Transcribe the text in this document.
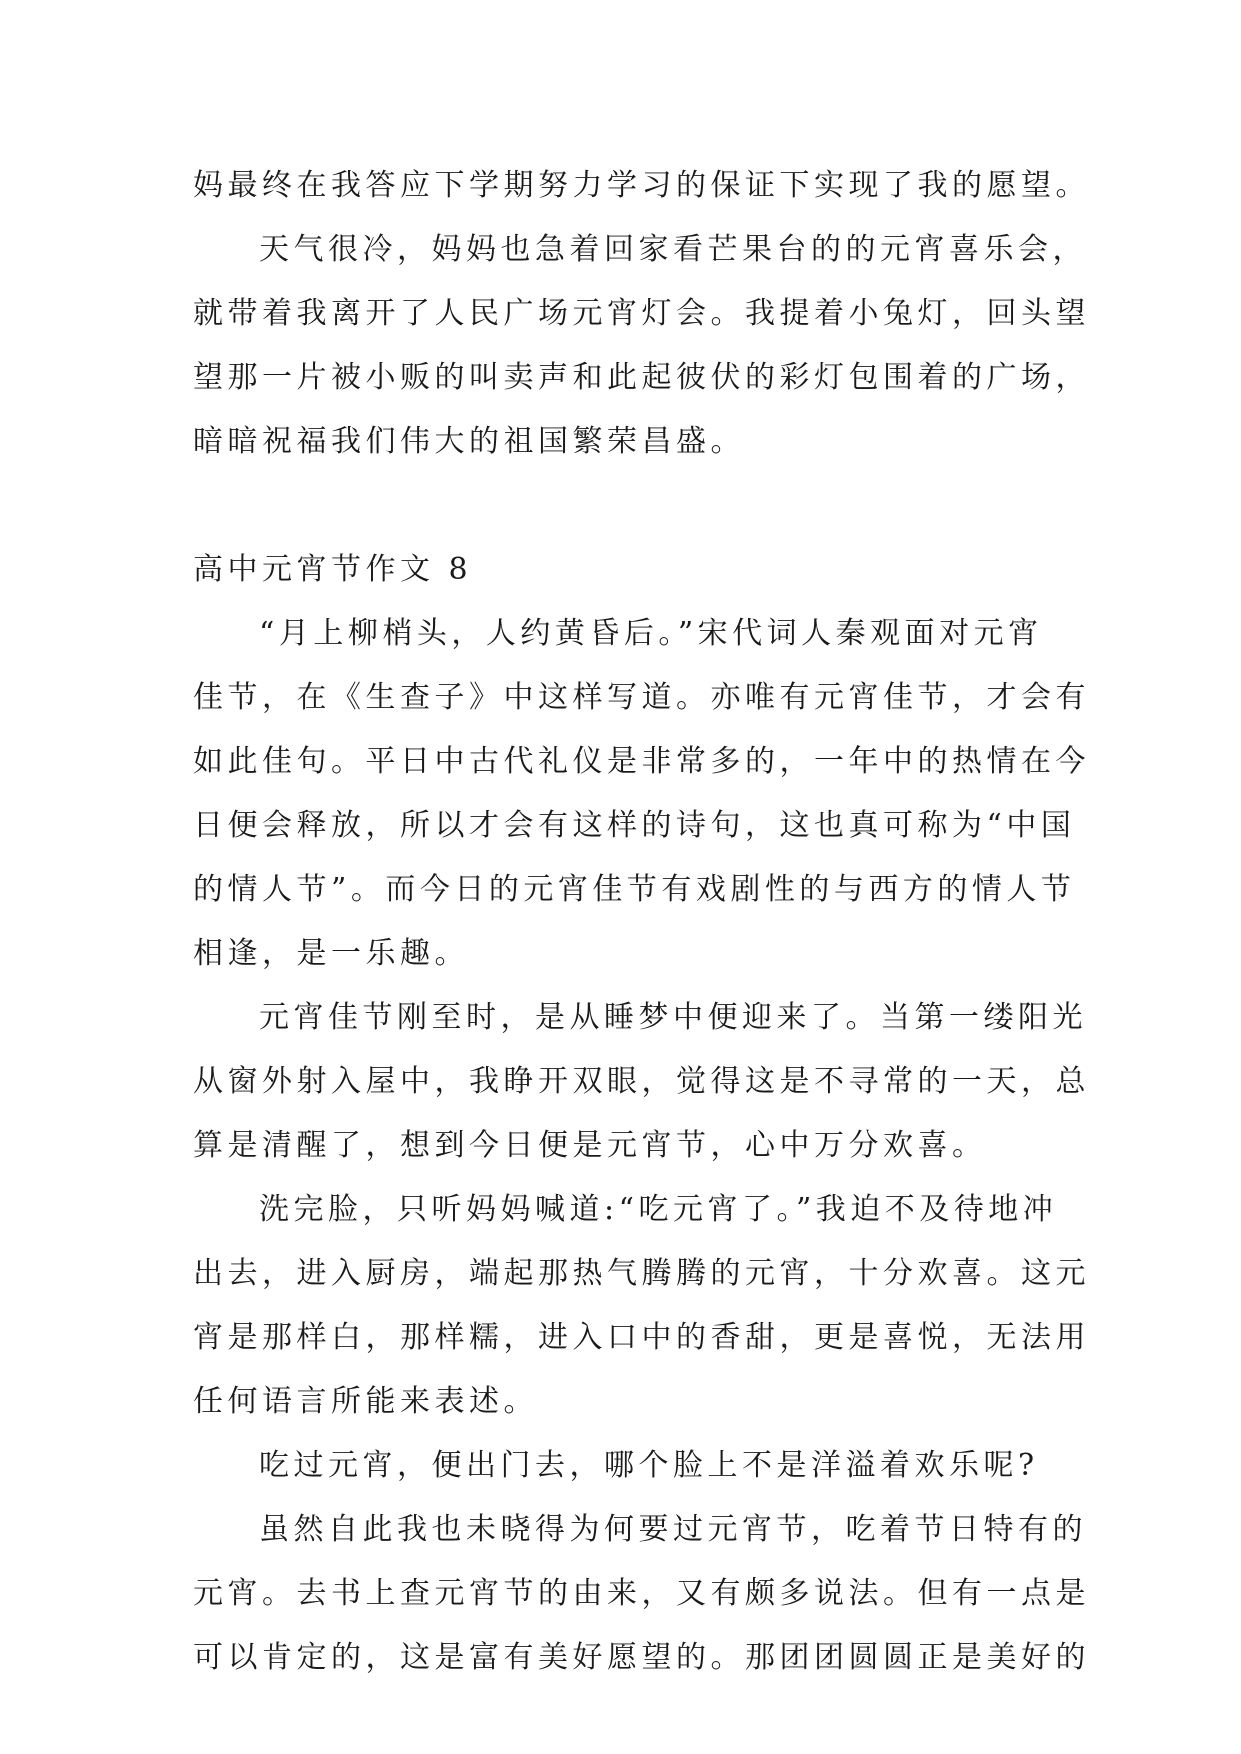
妈最终在我答应下学期努力学习的保证下实现了我的愿望。
天气很冷，妈妈也急着回家看芒果台的的元宵喜乐会，
就带着我离开了人民广场元宵灯会。我提着小兔灯，回头望
望那一片被小贩的叫卖声和此起彼伏的彩灯包围着的广场，
暗暗祝福我们伟大的祖国繁荣昌盛。
高中元宵节作文 8
“月上柳梢头，人约黄昏后。”宋代词人秦观面对元宵
佳节，在《生查子》中这样写道。亦唯有元宵佳节，才会有
如此佳句。平日中古代礼仪是非常多的，一年中的热情在今
日便会释放，所以才会有这样的诗句，这也真可称为“中国
的情人节”。而今日的元宵佳节有戏剧性的与西方的情人节
相逢，是一乐趣。
元宵佳节刚至时，是从睡梦中便迎来了。当第一缕阳光
从窗外射入屋中，我睁开双眼，觉得这是不寻常的一天，总
算是清醒了，想到今日便是元宵节，心中万分欢喜。
洗完脸，只听妈妈喊道:“吃元宵了。”我迫不及待地冲
出去，进入厨房，端起那热气腾腾的元宵，十分欢喜。这元
宵是那样白，那样糯，进入口中的香甜，更是喜悦，无法用
任何语言所能来表述。
吃过元宵，便出门去，哪个脸上不是洋溢着欢乐呢?
虽然自此我也未晓得为何要过元宵节，吃着节日特有的
元宵。去书上查元宵节的由来，又有颇多说法。但有一点是
可以肯定的，这是富有美好愿望的。那团团圆圆正是美好的
